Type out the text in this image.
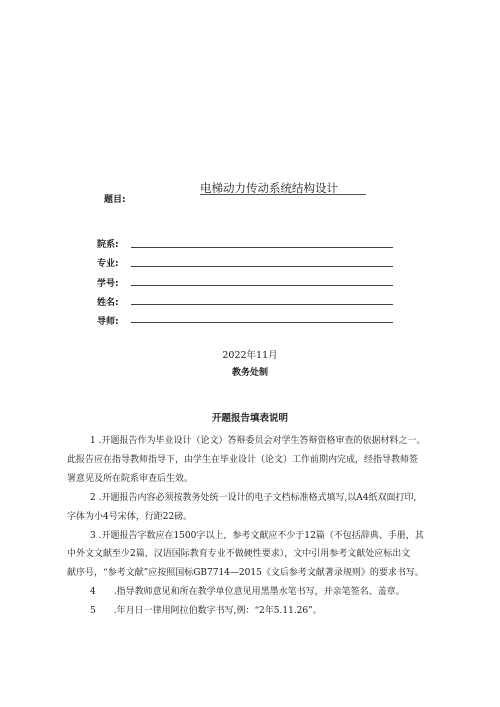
题目:
电梯动力传动系统结构设计
院系:
专业:
学号:
姓名:
导师:
2022年11月
教务处制
开题报告填表说明
1 .开题报告作为毕业设计（论文）答辩委员会对学生答辩资格审查的依据材料之一。
此报告应在指导教师指导下，由学生在毕业设计（论文）工作前期内完成，经指导教师签
署意见及所在院系审查后生效。
2 .开题报告内容必须按教务处统一设计的电子文档标准格式填写,以A4纸双面打印,
字体为小4号宋体，行距22磅。
3 .开题报告字数应在1500字以上，参考文献应不少于12篇（不包括辞典、手册，其
中外文文献至少2篇，汉语国际教育专业不做硬性要求），文中引用参考文献处应标出文
献序号，“参考文献”应按照国标GB7714—2015《文后参考文献著录规则》的要求书写。
4　　.指导教师意见和所在教学单位意见用黑墨水笔书写，并亲笔签名、盖章。
5　　.年月日一律用阿拉伯数字书写,例：“2年5.11.26”。
